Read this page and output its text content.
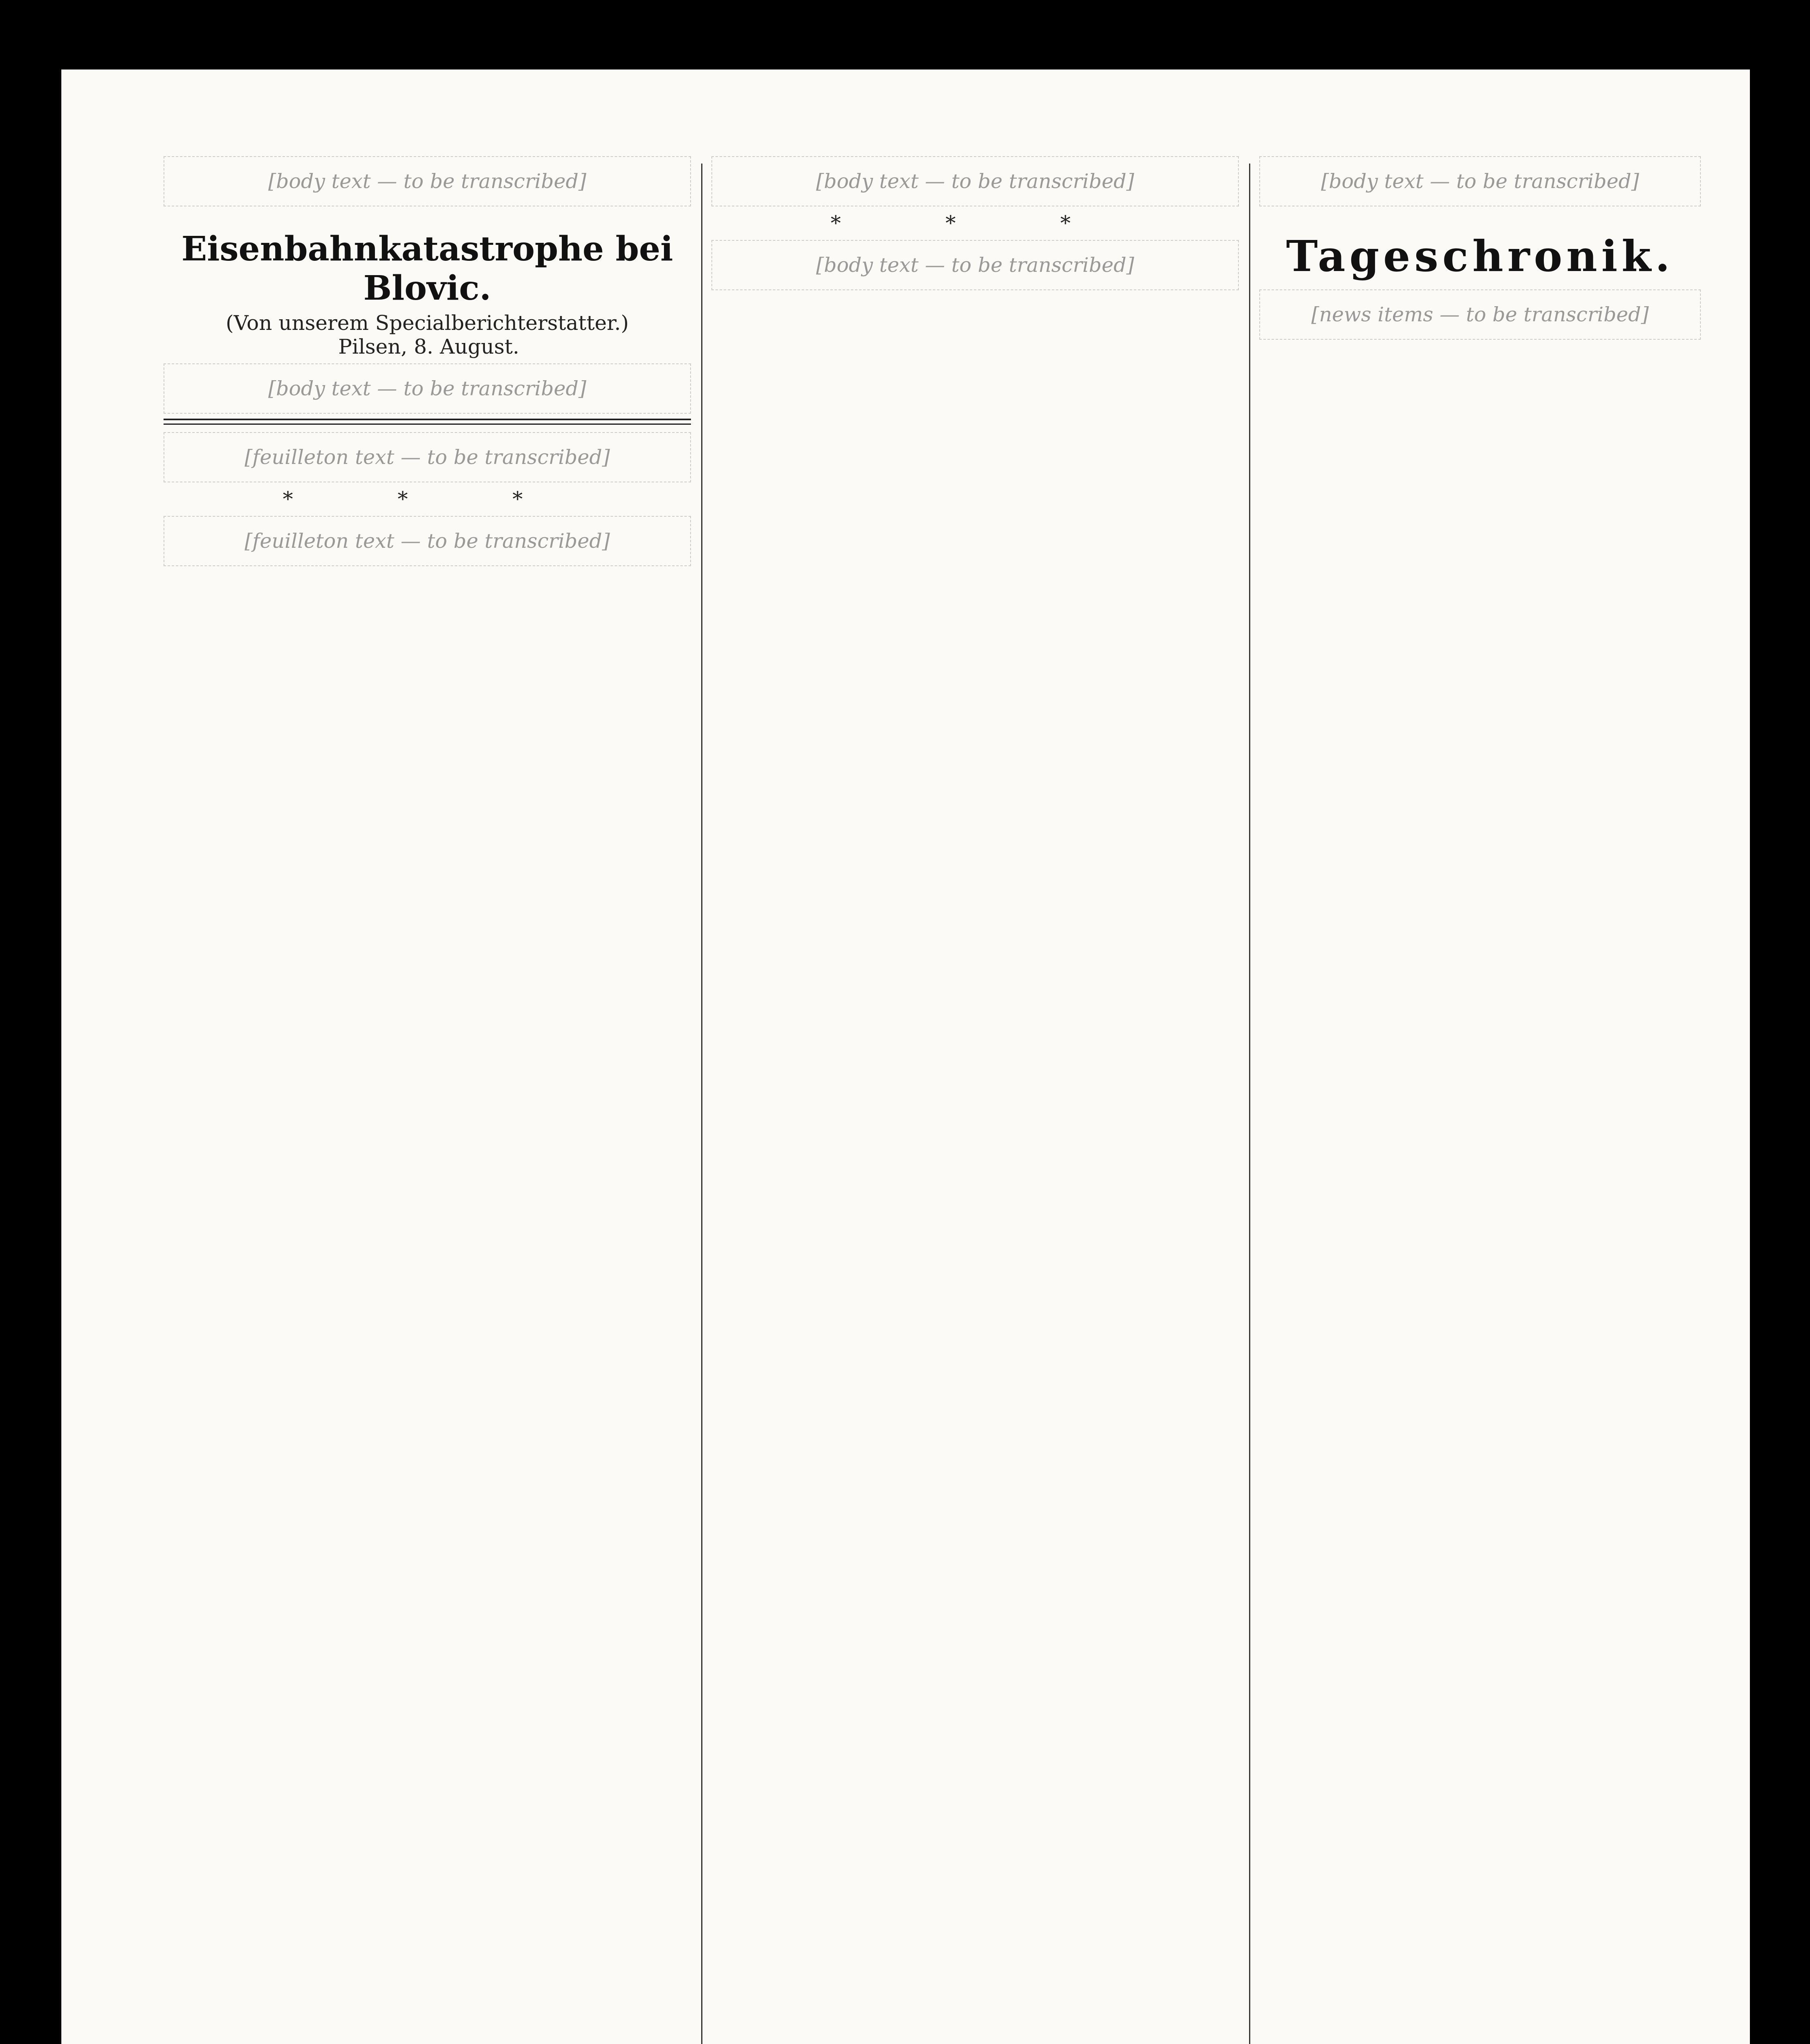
[body text — to be transcribed]

Eisenbahnkatastrophe bei Blovic.

(Von unserem Specialberichterstatter.)

Pilsen, 8. August.

[body text — to be transcribed]

[feuilleton text — to be transcribed]

* * *

[feuilleton text — to be transcribed]

[body text — to be transcribed]

* * *

[body text — to be transcribed]

[body text — to be transcribed]

Tageschronik.

[news items — to be transcribed]
